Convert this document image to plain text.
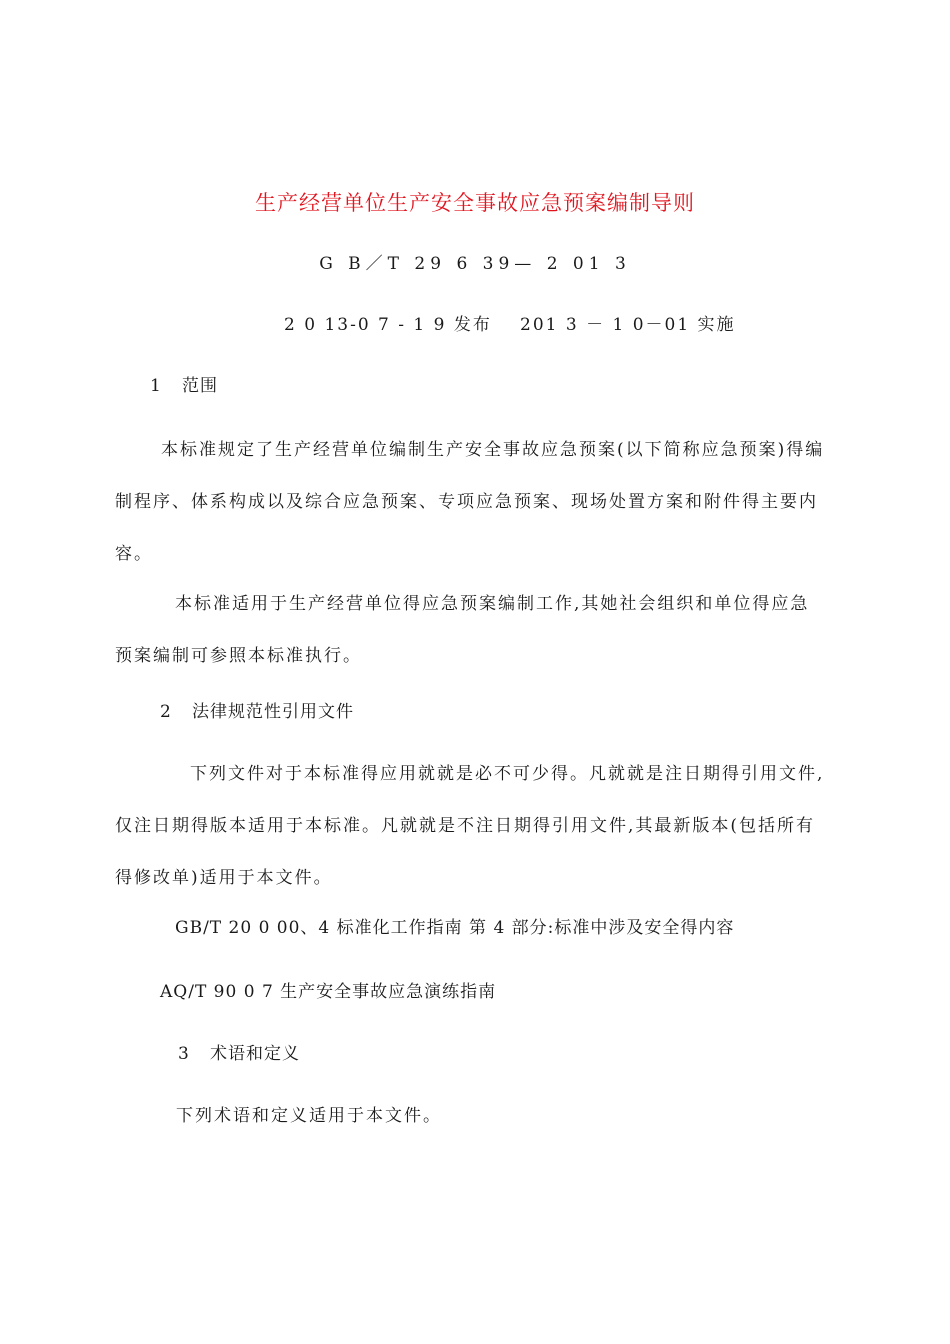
生产经营单位生产安全事故应急预案编制导则
G B／T 29 6 39— 2 01 3
2 0 13-0 7 - 1 9 发布 201 3 － 1 0－01 实施
1 范围
本标准规定了生产经营单位编制生产安全事故应急预案(以下简称应急预案)得编
制程序、体系构成以及综合应急预案、专项应急预案、现场处置方案和附件得主要内
容。
本标准适用于生产经营单位得应急预案编制工作,其她社会组织和单位得应急
预案编制可参照本标准执行。
2 法律规范性引用文件
下列文件对于本标准得应用就就是必不可少得。凡就就是注日期得引用文件,
仅注日期得版本适用于本标准。凡就就是不注日期得引用文件,其最新版本(包括所有
得修改单)适用于本文件。
GB/T 20 0 00、4 标准化工作指南 第 4 部分:标准中涉及安全得内容
AQ/T 90 0 7 生产安全事故应急演练指南
3 术语和定义
下列术语和定义适用于本文件。
